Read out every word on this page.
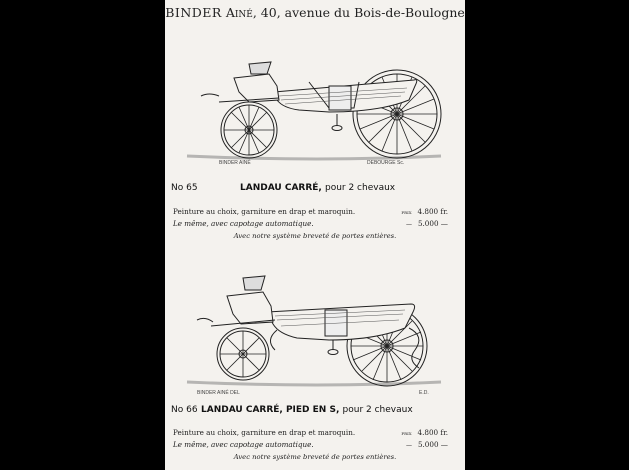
BINDER Ainé, 40, avenue du Bois-de-Boulogne
BINDER AINÉ	DEBOURGE Sc.
No 65	LANDAU CARRÉ, pour 2 chevaux
Peinture au choix, garniture en drap et maroquin.	prix 4.800 fr.
Le même, avec capotage automatique.	— 5.000 —
Avec notre système breveté de portes entières.
BINDER AINÉ DEL	E.D.
No 66 LANDAU CARRÉ, PIED EN S, pour 2 chevaux
Peinture au choix, garniture en drap et maroquin.	prix 4.800 fr.
Le même, avec capotage automatique.	— 5.000 —
Avec notre système breveté de portes entières.
